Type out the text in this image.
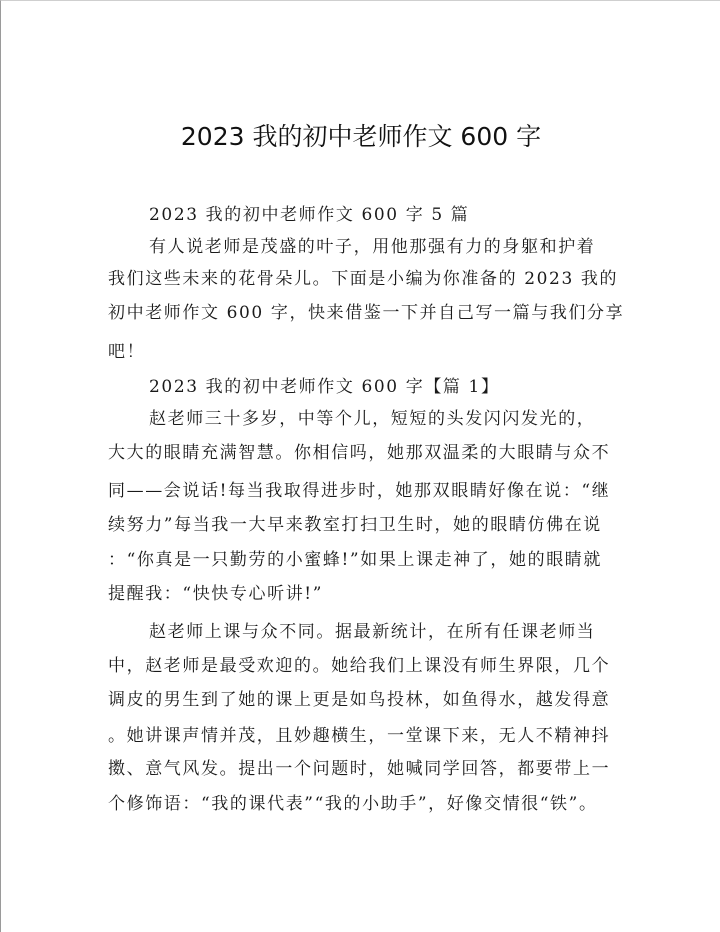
2023 我的初中老师作文 600 字
2023 我的初中老师作文 600 字 5 篇
有人说老师是茂盛的叶子，用他那强有力的身躯和护着
我们这些未来的花骨朵儿。下面是小编为你准备的 2023 我的
初中老师作文 600 字，快来借鉴一下并自己写一篇与我们分享
吧！
2023 我的初中老师作文 600 字【篇 1】
赵老师三十多岁，中等个儿，短短的头发闪闪发光的，
大大的眼睛充满智慧。你相信吗，她那双温柔的大眼睛与众不
同——会说话!每当我取得进步时，她那双眼睛好像在说：“继
续努力”每当我一大早来教室打扫卫生时，她的眼睛仿佛在说
：“你真是一只勤劳的小蜜蜂!”如果上课走神了，她的眼睛就
提醒我：“快快专心听讲!”
赵老师上课与众不同。据最新统计，在所有任课老师当
中，赵老师是最受欢迎的。她给我们上课没有师生界限，几个
调皮的男生到了她的课上更是如鸟投林，如鱼得水，越发得意
。她讲课声情并茂，且妙趣横生，一堂课下来，无人不精神抖
擞、意气风发。提出一个问题时，她喊同学回答，都要带上一
个修饰语：“我的课代表”“我的小助手”，好像交情很“铁”。
